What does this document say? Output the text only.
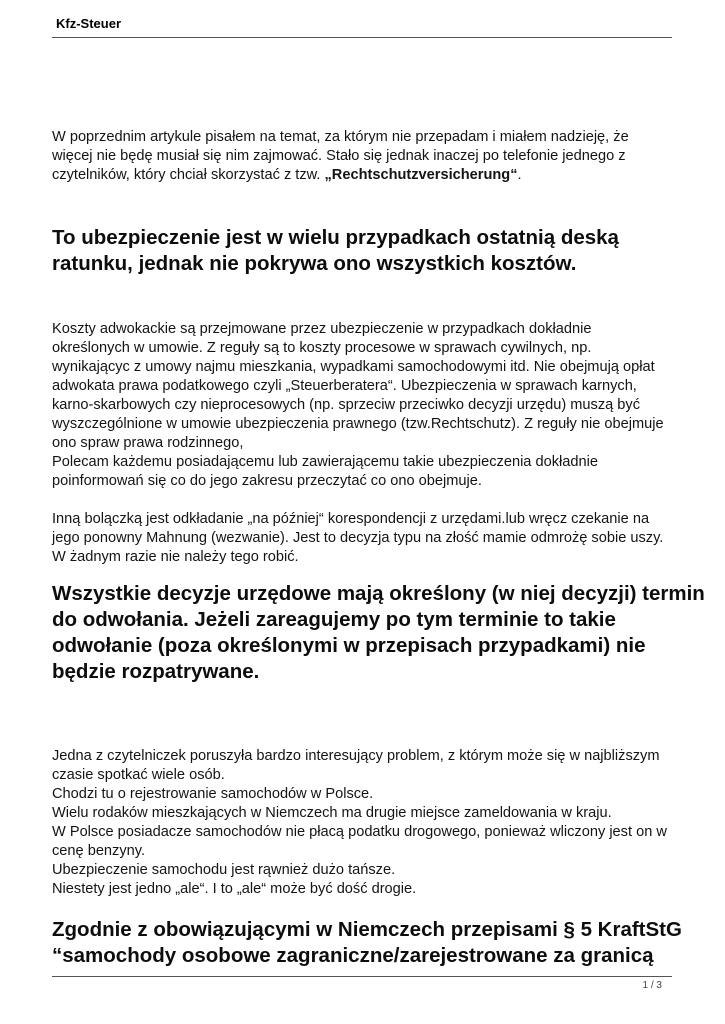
Kfz-Steuer

W poprzednim artykule pisałem na temat, za którym nie przepadam i miałem nadzieję, że
więcej nie będę musiał się nim zajmować. Stało się jednak inaczej po telefonie jednego z
czytelników, który chciał skorzystać z tzw. „Rechtschutzversicherung“.

To ubezpieczenie jest w wielu przypadkach ostatnią deską
ratunku, jednak nie pokrywa ono wszystkich kosztów.

Koszty adwokackie są przejmowane przez ubezpieczenie w przypadkach dokładnie
określonych w umowie. Z reguły są to koszty procesowe w sprawach cywilnych, np.
wynikającyc z umowy najmu mieszkania, wypadkami samochodowymi itd. Nie obejmują opłat
adwokata prawa podatkowego czyli „Steuerberatera“. Ubezpieczenia w sprawach karnych,
karno-skarbowych czy nieprocesowych (np. sprzeciw przeciwko decyzji urzędu) muszą być
wyszczególnione w umowie ubezpieczenia prawnego (tzw.Rechtschutz). Z reguły nie obejmuje
ono spraw prawa rodzinnego,
Polecam każdemu posiadającemu lub zawierającemu takie ubezpieczenia dokładnie
poinformowań się co do jego zakresu przeczytać co ono obejmuje.

Inną bolączką jest odkładanie „na później“ korespondencji z urzędami.lub wręcz czekanie na
jego ponowny Mahnung (wezwanie). Jest to decyzja typu na złość mamie odmrożę sobie uszy.
W żadnym razie nie należy tego robić.

Wszystkie decyzje urzędowe mają określony (w niej decyzji) termin
do odwołania. Jeżeli zareagujemy po tym terminie to takie
odwołanie (poza określonymi w przepisach przypadkami) nie
będzie rozpatrywane.

Jedna z czytelniczek poruszyła bardzo interesujący problem, z którym może się w najbliższym
czasie spotkać wiele osób.
Chodzi tu o rejestrowanie samochodów w Polsce.
Wielu rodaków mieszkających w Niemczech ma drugie miejsce zameldowania w kraju.
W Polsce posiadacze samochodów nie płacą podatku drogowego, ponieważ wliczony jest on w
cenę benzyny.
Ubezpieczenie samochodu jest rąwnież dużo tańsze.
Niestety jest jedno „ale“. I to „ale“ może być dość drogie.

Zgodnie z obowiązującymi w Niemczech przepisami § 5 KraftStG
“samochody osobowe zagraniczne/zarejestrowane za granicą
1 / 3
